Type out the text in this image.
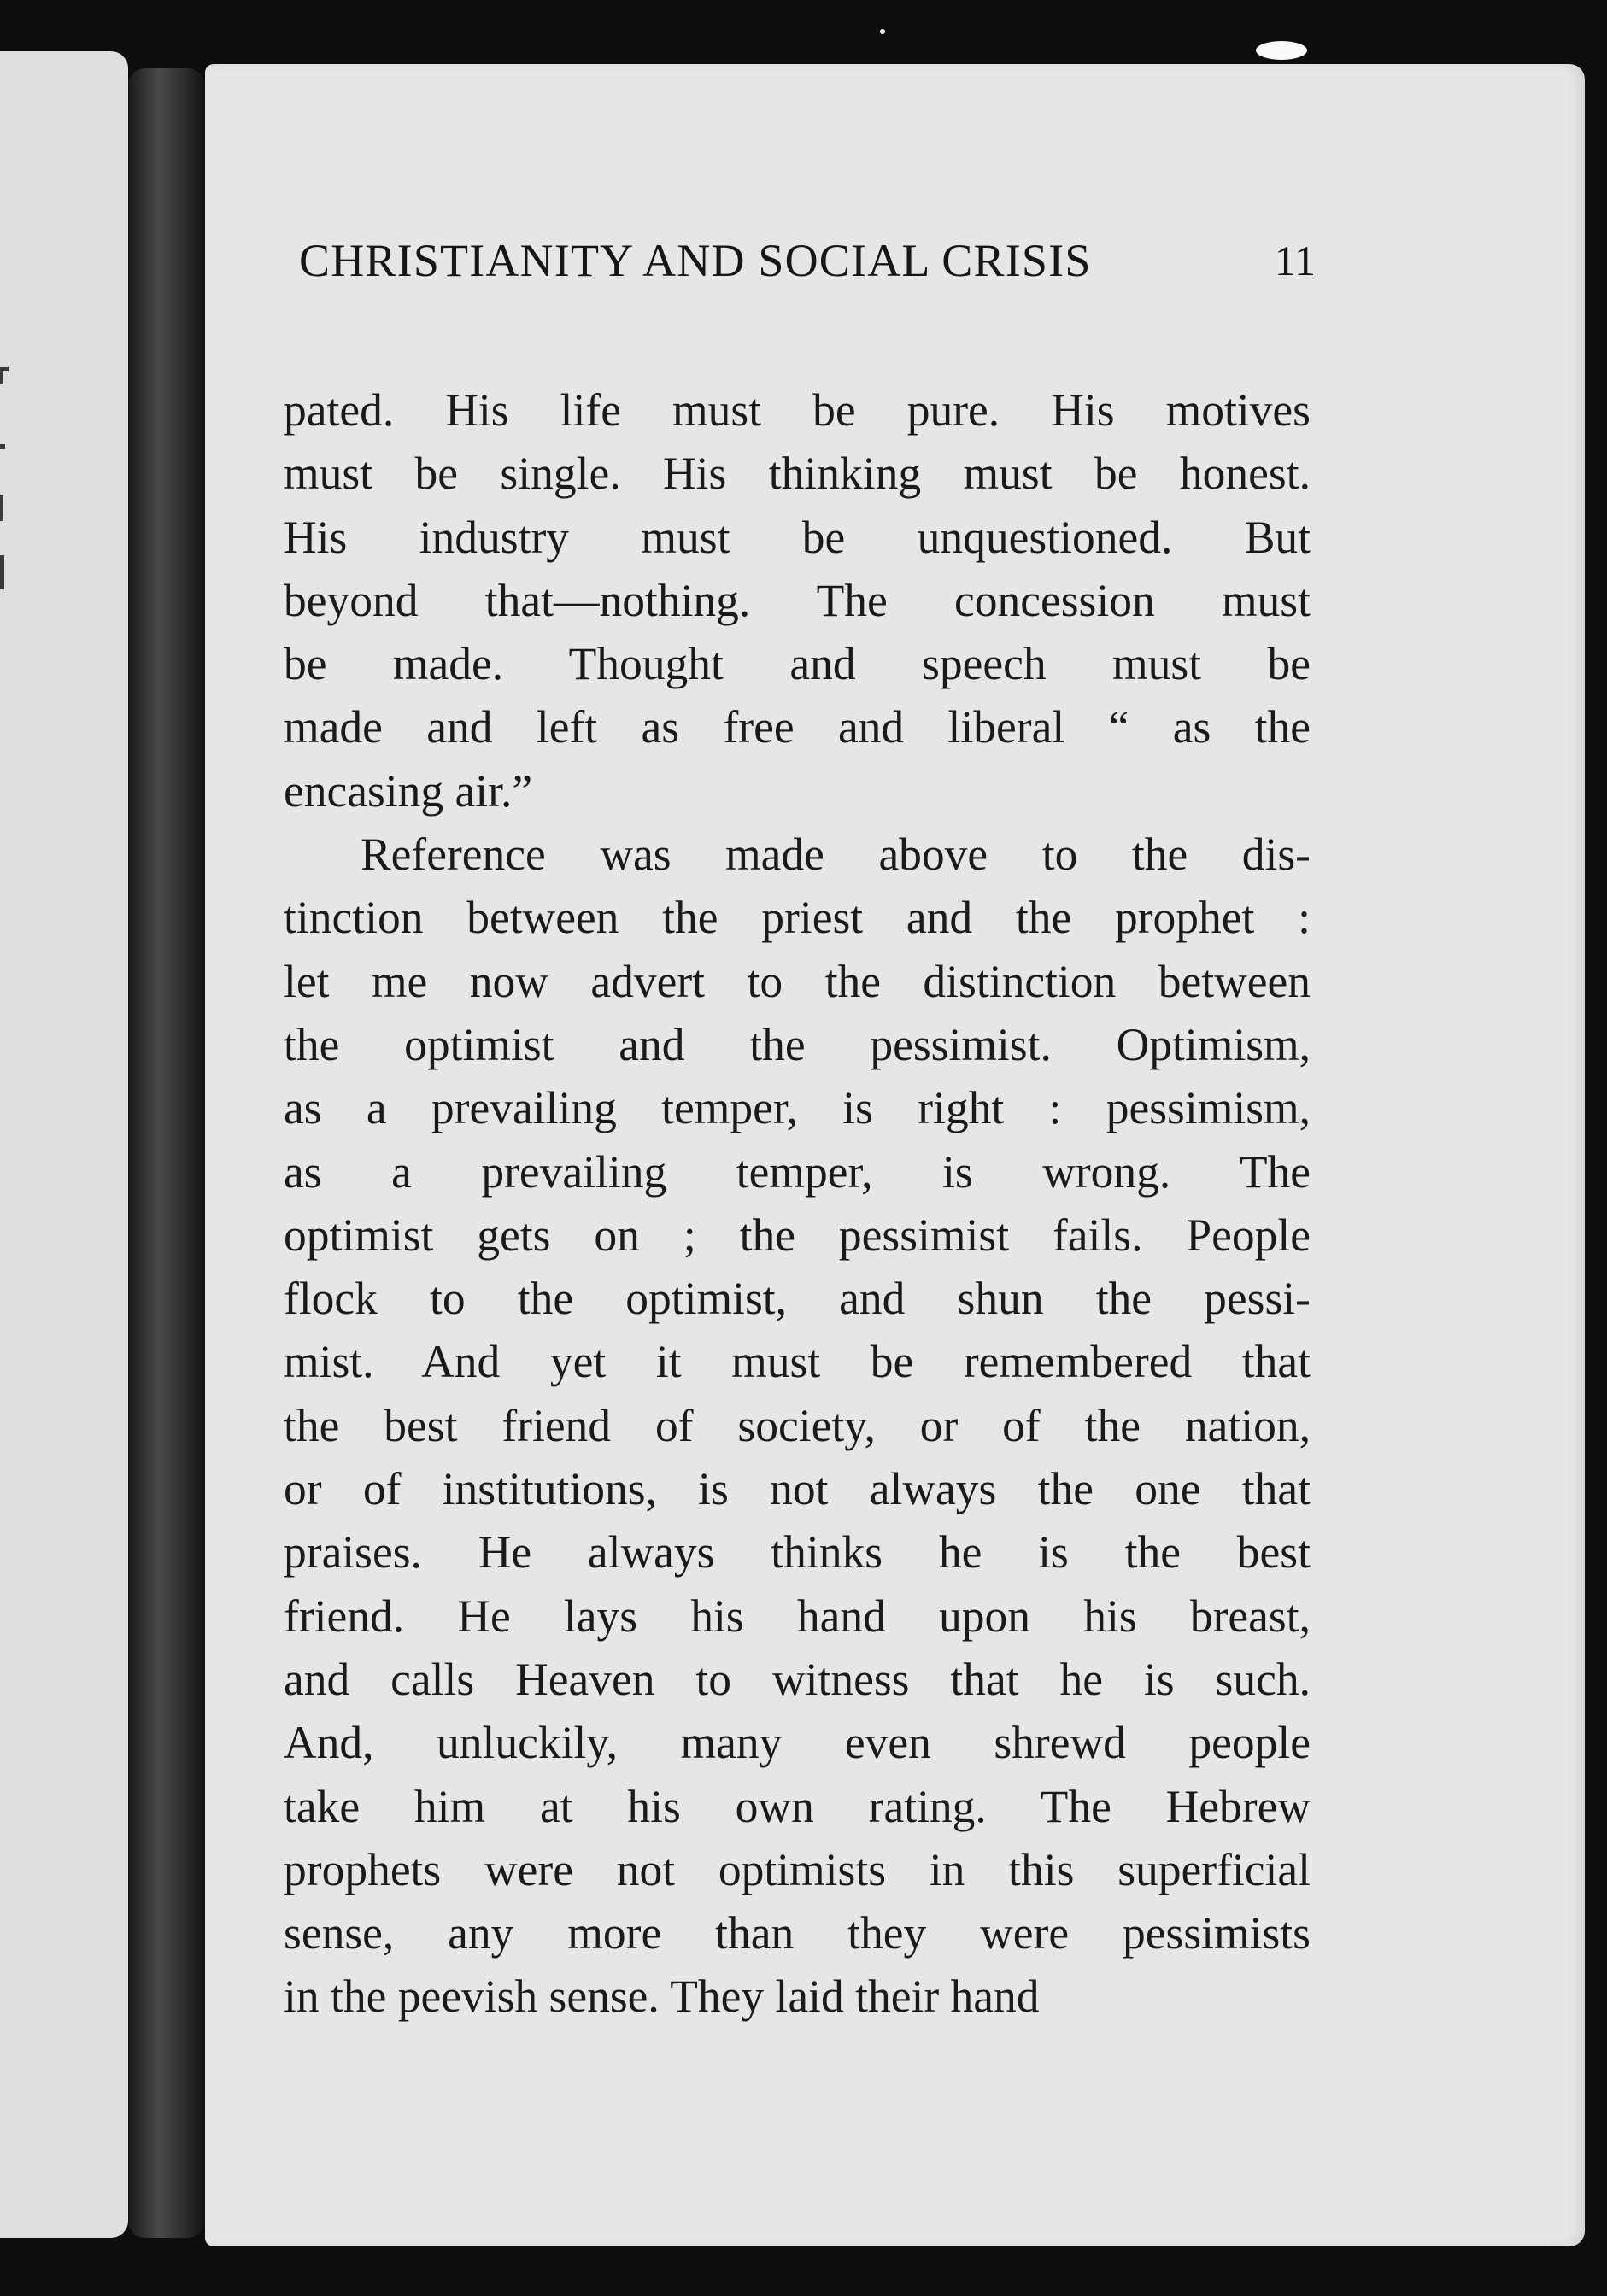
CHRISTIANITY AND SOCIAL CRISIS	11
pated. His life must be pure. His motives
must be single. His thinking must be honest.
His industry must be unquestioned. But
beyond that—nothing. The concession must
be made. Thought and speech must be
made and left as free and liberal “ as the
encasing air.”
Reference was made above to the dis-
tinction between the priest and the prophet :
let me now advert to the distinction between
the optimist and the pessimist. Optimism,
as a prevailing temper, is right : pessimism,
as a prevailing temper, is wrong. The
optimist gets on ; the pessimist fails. People
flock to the optimist, and shun the pessi-
mist. And yet it must be remembered that
the best friend of society, or of the nation,
or of institutions, is not always the one that
praises. He always thinks he is the best
friend. He lays his hand upon his breast,
and calls Heaven to witness that he is such.
And, unluckily, many even shrewd people
take him at his own rating. The Hebrew
prophets were not optimists in this superficial
sense, any more than they were pessimists
in the peevish sense. They laid their hand
